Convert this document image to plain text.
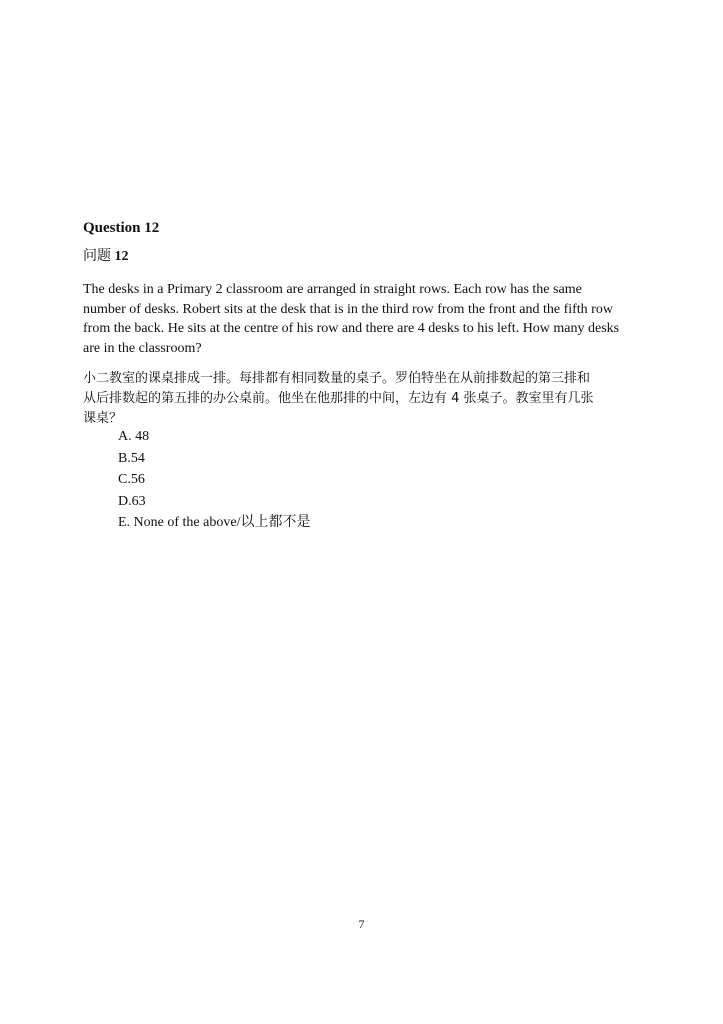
Question 12
问题 12
The desks in a Primary 2 classroom are arranged in straight rows. Each row has the same
number of desks. Robert sits at the desk that is in the third row from the front and the fifth row
from the back. He sits at the centre of his row and there are 4 desks to his left. How many desks
are in the classroom?
小二教室的课桌排成一排。每排都有相同数量的桌子。罗伯特坐在从前排数起的第三排和
从后排数起的第五排的办公桌前。他坐在他那排的中间，左边有 4 张桌子。教室里有几张
课桌？
A. 48
B.54
C.56
D.63
E. None of the above/以上都不是
7
